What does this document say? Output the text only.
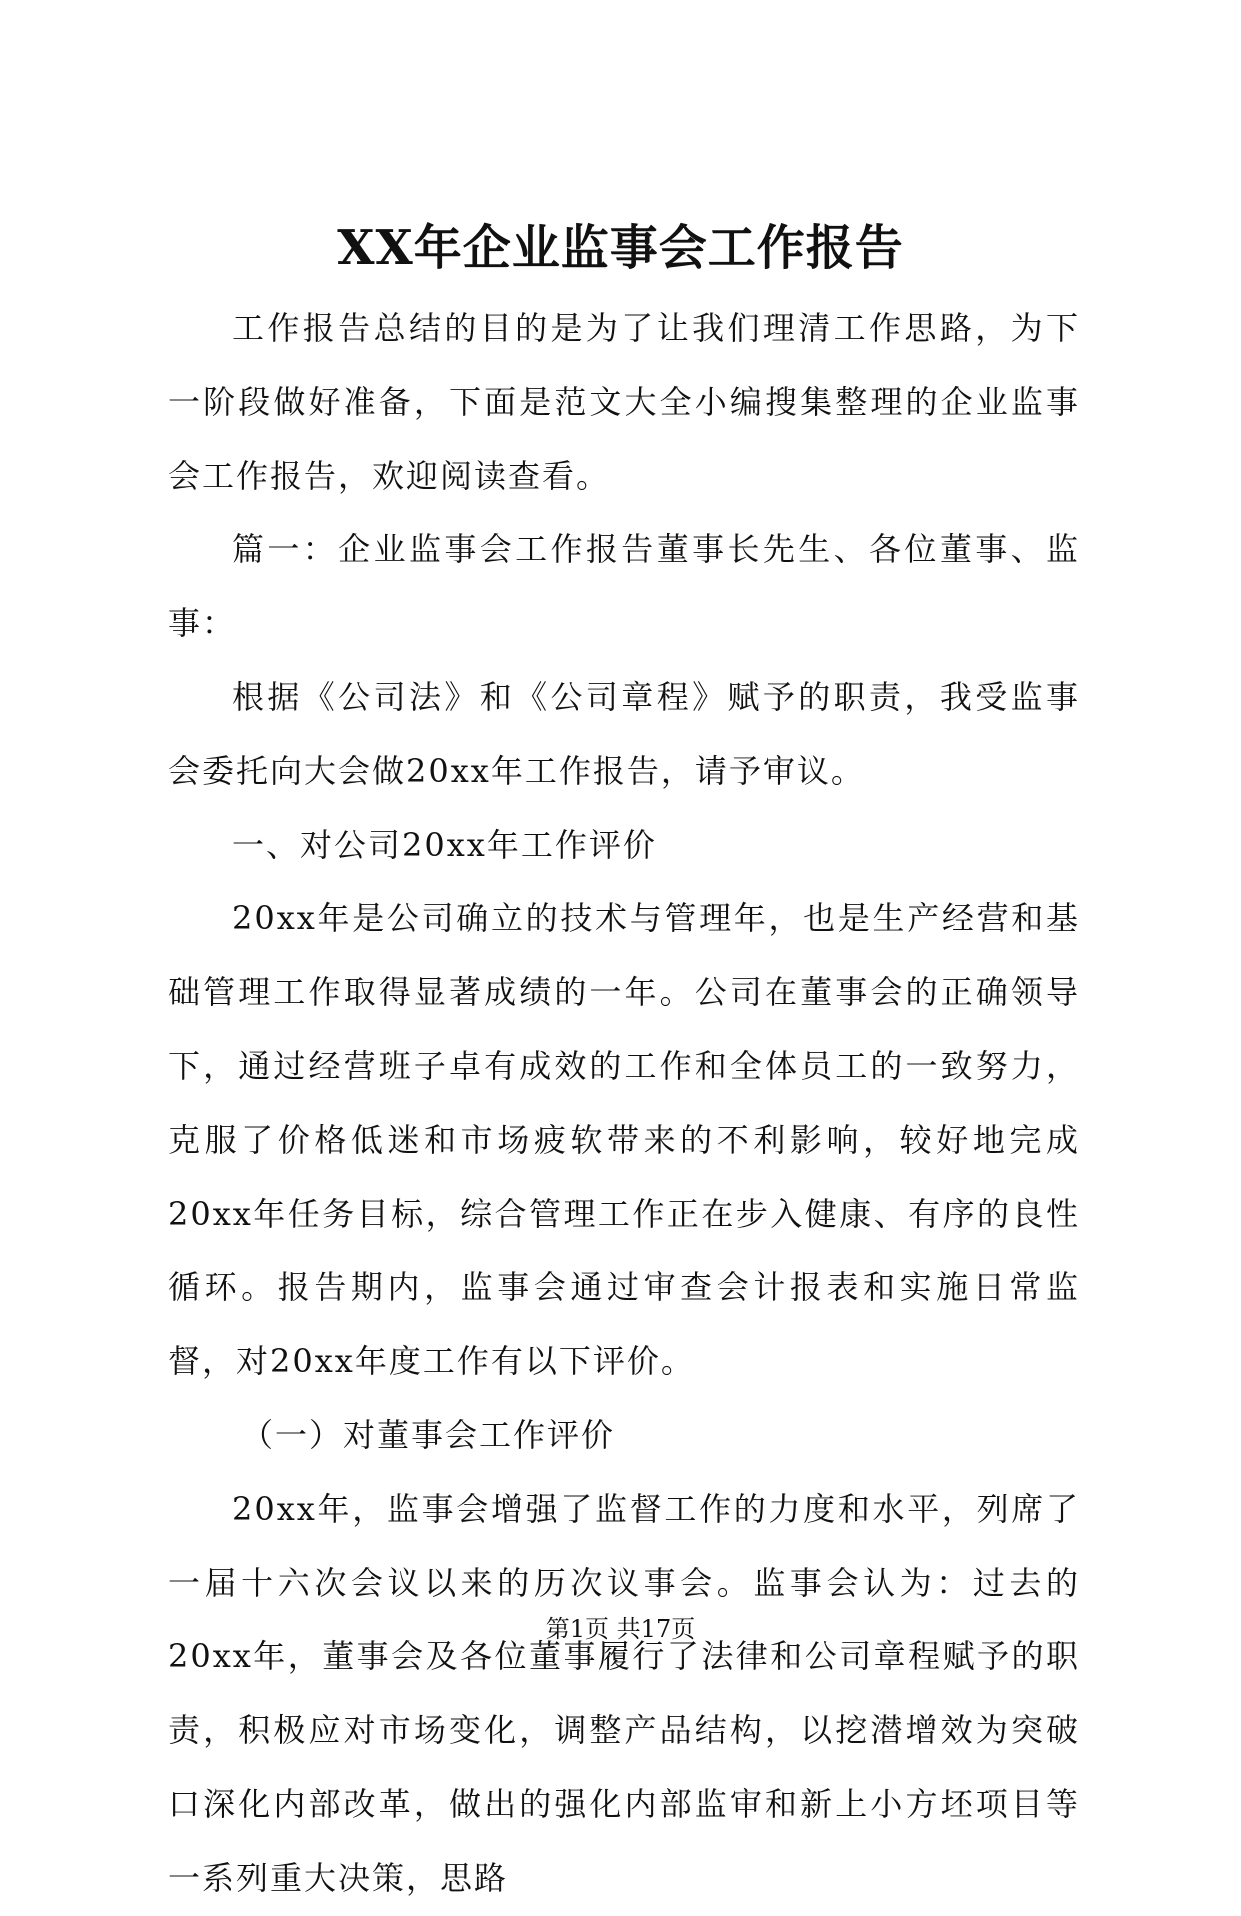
XX年企业监事会工作报告

工作报告总结的目的是为了让我们理清工作思路，为下一阶段做好准备，下面是范文大全小编搜集整理的企业监事会工作报告，欢迎阅读查看。

篇一：企业监事会工作报告董事长先生、各位董事、监事：

根据《公司法》和《公司章程》赋予的职责，我受监事会委托向大会做20xx年工作报告，请予审议。

一、对公司20xx年工作评价

20xx年是公司确立的技术与管理年，也是生产经营和基础管理工作取得显著成绩的一年。公司在董事会的正确领导下，通过经营班子卓有成效的工作和全体员工的一致努力，克服了价格低迷和市场疲软带来的不利影响，较好地完成20xx年任务目标，综合管理工作正在步入健康、有序的良性循环。报告期内，监事会通过审查会计报表和实施日常监督，对20xx年度工作有以下评价。

（一）对董事会工作评价

20xx年，监事会增强了监督工作的力度和水平，列席了一届十六次会议以来的历次议事会。监事会认为：过去的20xx年，董事会及各位董事履行了法律和公司章程赋予的职责，积极应对市场变化，调整产品结构，以挖潜增效为突破口深化内部改革，做出的强化内部监审和新上小方坯项目等一系列重大决策，思路

第1页 共17页
